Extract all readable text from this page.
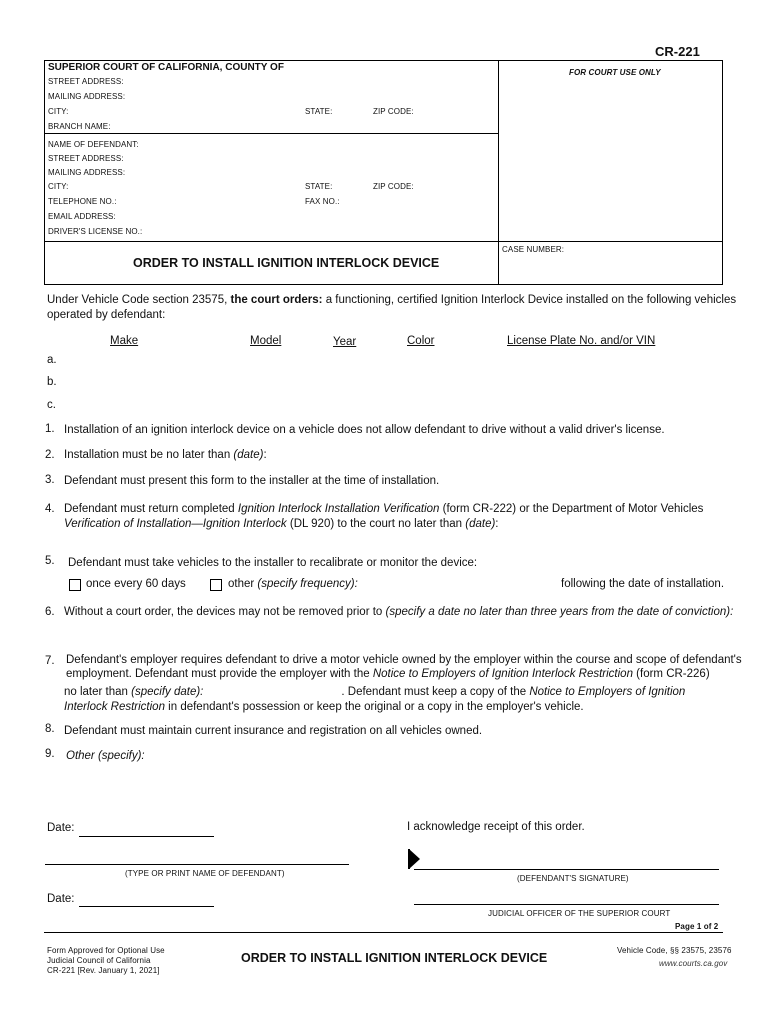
CR-221
SUPERIOR COURT OF CALIFORNIA, COUNTY OF	FOR COURT USE ONLY
STREET ADDRESS:
MAILING ADDRESS:
CITY:	STATE:	ZIP CODE:
BRANCH NAME:
NAME OF DEFENDANT:
STREET ADDRESS:
MAILING ADDRESS:
CITY:	STATE:	ZIP CODE:
TELEPHONE NO.:	FAX NO.:
EMAIL ADDRESS:
DRIVER'S LICENSE NO.:
CASE NUMBER:
ORDER TO INSTALL IGNITION INTERLOCK DEVICE
Under Vehicle Code section 23575, the court orders: a functioning, certified Ignition Interlock Device installed on the following vehicles
operated by defendant:
Make	Model	Year	Color	License Plate No. and/or VIN
a.
b.
c.
1. Installation of an ignition interlock device on a vehicle does not allow defendant to drive without a valid driver's license.
2. Installation must be no later than (date):
3. Defendant must present this form to the installer at the time of installation.
4. Defendant must return completed Ignition Interlock Installation Verification (form CR-222) or the Department of Motor Vehicles
Verification of Installation—Ignition Interlock (DL 920) to the court no later than (date):
5. Defendant must take vehicles to the installer to recalibrate or monitor the device:
once every 60 days	other (specify frequency):	following the date of installation.
6. Without a court order, the devices may not be removed prior to (specify a date no later than three years from the date of conviction):
7. Defendant's employer requires defendant to drive a motor vehicle owned by the employer within the course and scope of defendant's
employment. Defendant must provide the employer with the Notice to Employers of Ignition Interlock Restriction (form CR-226)
no later than (specify date):	. Defendant must keep a copy of the Notice to Employers of Ignition
Interlock Restriction in defendant's possession or keep the original or a copy in the employer's vehicle.
8. Defendant must maintain current insurance and registration on all vehicles owned.
9. Other (specify):
Date:	I acknowledge receipt of this order.
(TYPE OR PRINT NAME OF DEFENDANT)
(DEFENDANT'S SIGNATURE)
Date:
JUDICIAL OFFICER OF THE SUPERIOR COURT
Page 1 of 2
Form Approved for Optional Use
Judicial Council of California
CR-221 [Rev. January 1, 2021]
ORDER TO INSTALL IGNITION INTERLOCK DEVICE
Vehicle Code, §§ 23575, 23576
www.courts.ca.gov
